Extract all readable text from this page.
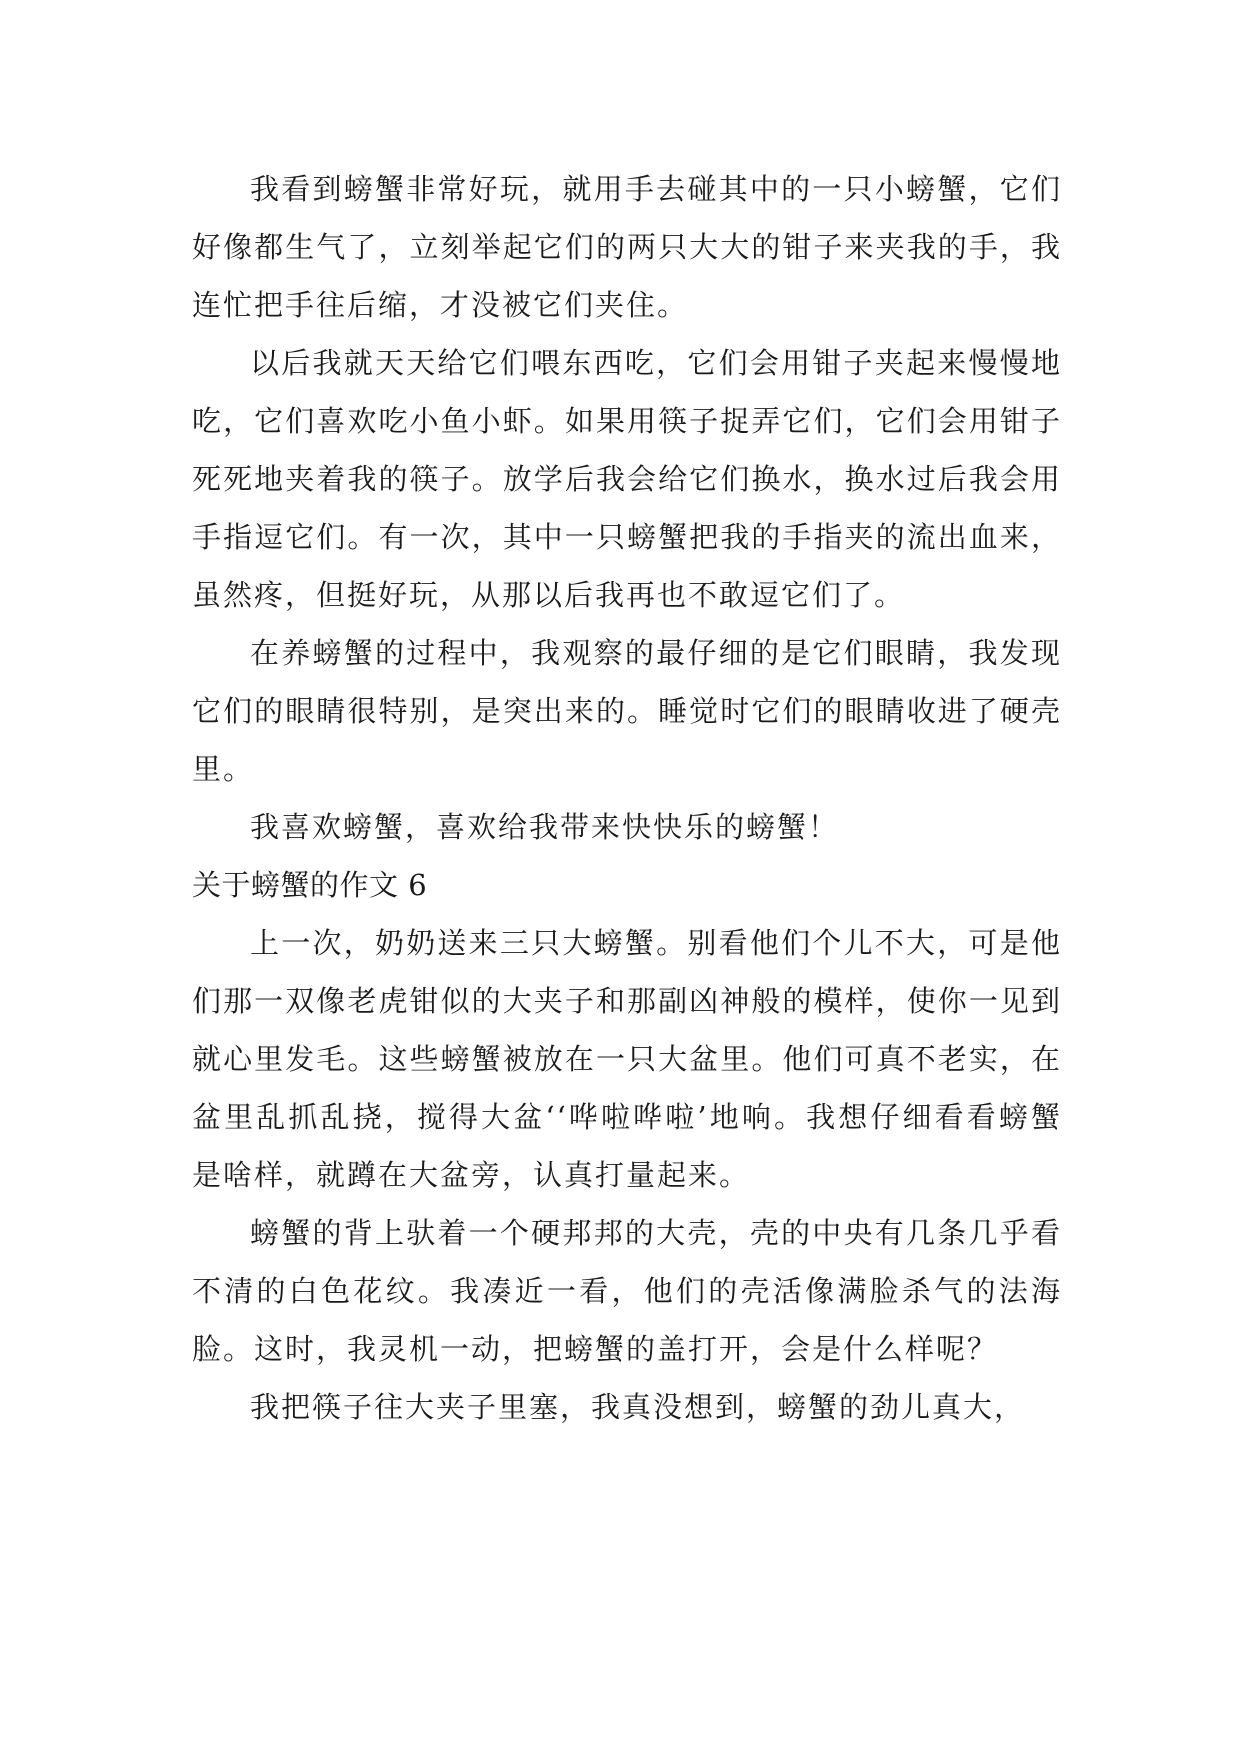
我看到螃蟹非常好玩，就用手去碰其中的一只小螃蟹，它们好像都生气了，立刻举起它们的两只大大的钳子来夹我的手，我连忙把手往后缩，才没被它们夹住。

以后我就天天给它们喂东西吃，它们会用钳子夹起来慢慢地吃，它们喜欢吃小鱼小虾。如果用筷子捉弄它们，它们会用钳子死死地夹着我的筷子。放学后我会给它们换水，换水过后我会用手指逗它们。有一次，其中一只螃蟹把我的手指夹的流出血来，虽然疼，但挺好玩，从那以后我再也不敢逗它们了。

在养螃蟹的过程中，我观察的最仔细的是它们眼睛，我发现它们的眼睛很特别，是突出来的。睡觉时它们的眼睛收进了硬壳里。

我喜欢螃蟹，喜欢给我带来快快乐的螃蟹！

关于螃蟹的作文 6

上一次，奶奶送来三只大螃蟹。别看他们个儿不大，可是他们那一双像老虎钳似的大夹子和那副凶神般的模样，使你一见到就心里发毛。这些螃蟹被放在一只大盆里。他们可真不老实，在盆里乱抓乱挠，搅得大盆‘‘哗啦哗啦’地响。我想仔细看看螃蟹是啥样，就蹲在大盆旁，认真打量起来。

螃蟹的背上驮着一个硬邦邦的大壳，壳的中央有几条几乎看不清的白色花纹。我凑近一看，他们的壳活像满脸杀气的法海脸。这时，我灵机一动，把螃蟹的盖打开，会是什么样呢？

我把筷子往大夹子里塞，我真没想到，螃蟹的劲儿真大，
